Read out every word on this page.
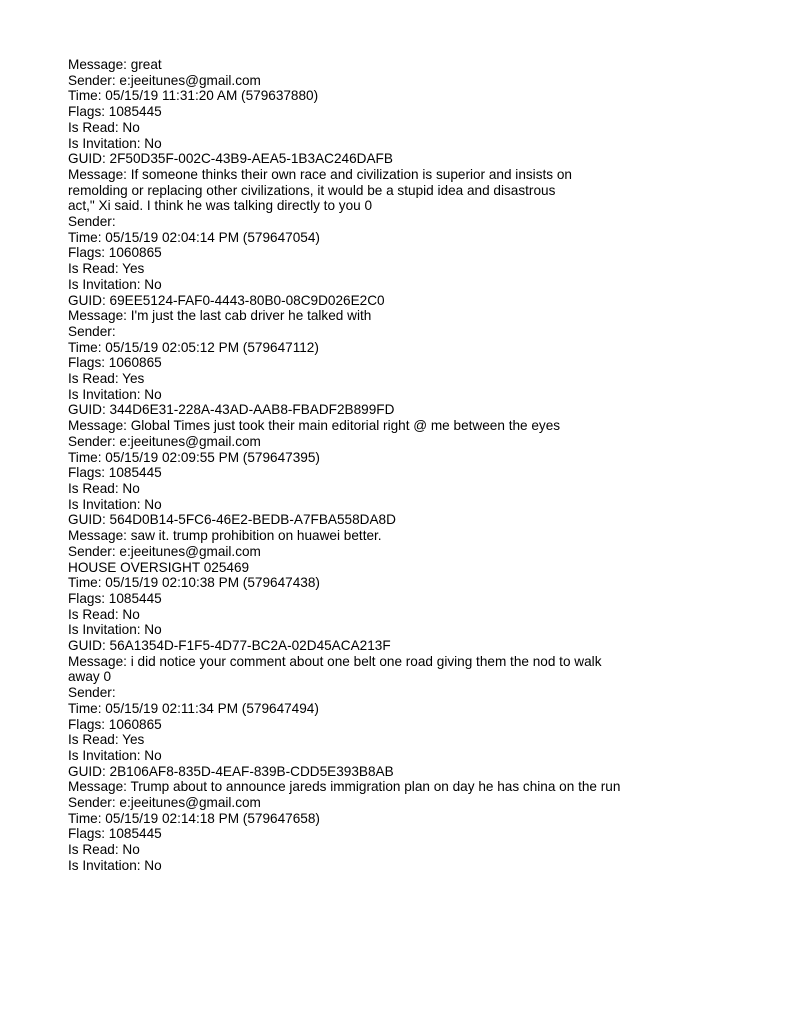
Message: great
Sender: e:jeeitunes@gmail.com
Time: 05/15/19 11:31:20 AM (579637880)
Flags: 1085445
Is Read: No
Is Invitation: No
GUID: 2F50D35F-002C-43B9-AEA5-1B3AC246DAFB
Message: If someone thinks their own race and civilization is superior and insists on
remolding or replacing other civilizations, it would be a stupid idea and disastrous
act," Xi said. I think he was talking directly to you 0
Sender:
Time: 05/15/19 02:04:14 PM (579647054)
Flags: 1060865
Is Read: Yes
Is Invitation: No
GUID: 69EE5124-FAF0-4443-80B0-08C9D026E2C0
Message: I'm just the last cab driver he talked with
Sender:
Time: 05/15/19 02:05:12 PM (579647112)
Flags: 1060865
Is Read: Yes
Is Invitation: No
GUID: 344D6E31-228A-43AD-AAB8-FBADF2B899FD
Message: Global Times just took their main editorial right @ me between the eyes
Sender: e:jeeitunes@gmail.com
Time: 05/15/19 02:09:55 PM (579647395)
Flags: 1085445
Is Read: No
Is Invitation: No
GUID: 564D0B14-5FC6-46E2-BEDB-A7FBA558DA8D
Message: saw it. trump prohibition on huawei better.
Sender: e:jeeitunes@gmail.com
HOUSE OVERSIGHT 025469
Time: 05/15/19 02:10:38 PM (579647438)
Flags: 1085445
Is Read: No
Is Invitation: No
GUID: 56A1354D-F1F5-4D77-BC2A-02D45ACA213F
Message: i did notice your comment about one belt one road giving them the nod to walk
away 0
Sender:
Time: 05/15/19 02:11:34 PM (579647494)
Flags: 1060865
Is Read: Yes
Is Invitation: No
GUID: 2B106AF8-835D-4EAF-839B-CDD5E393B8AB
Message: Trump about to announce jareds immigration plan on day he has china on the run
Sender: e:jeeitunes@gmail.com
Time: 05/15/19 02:14:18 PM (579647658)
Flags: 1085445
Is Read: No
Is Invitation: No
